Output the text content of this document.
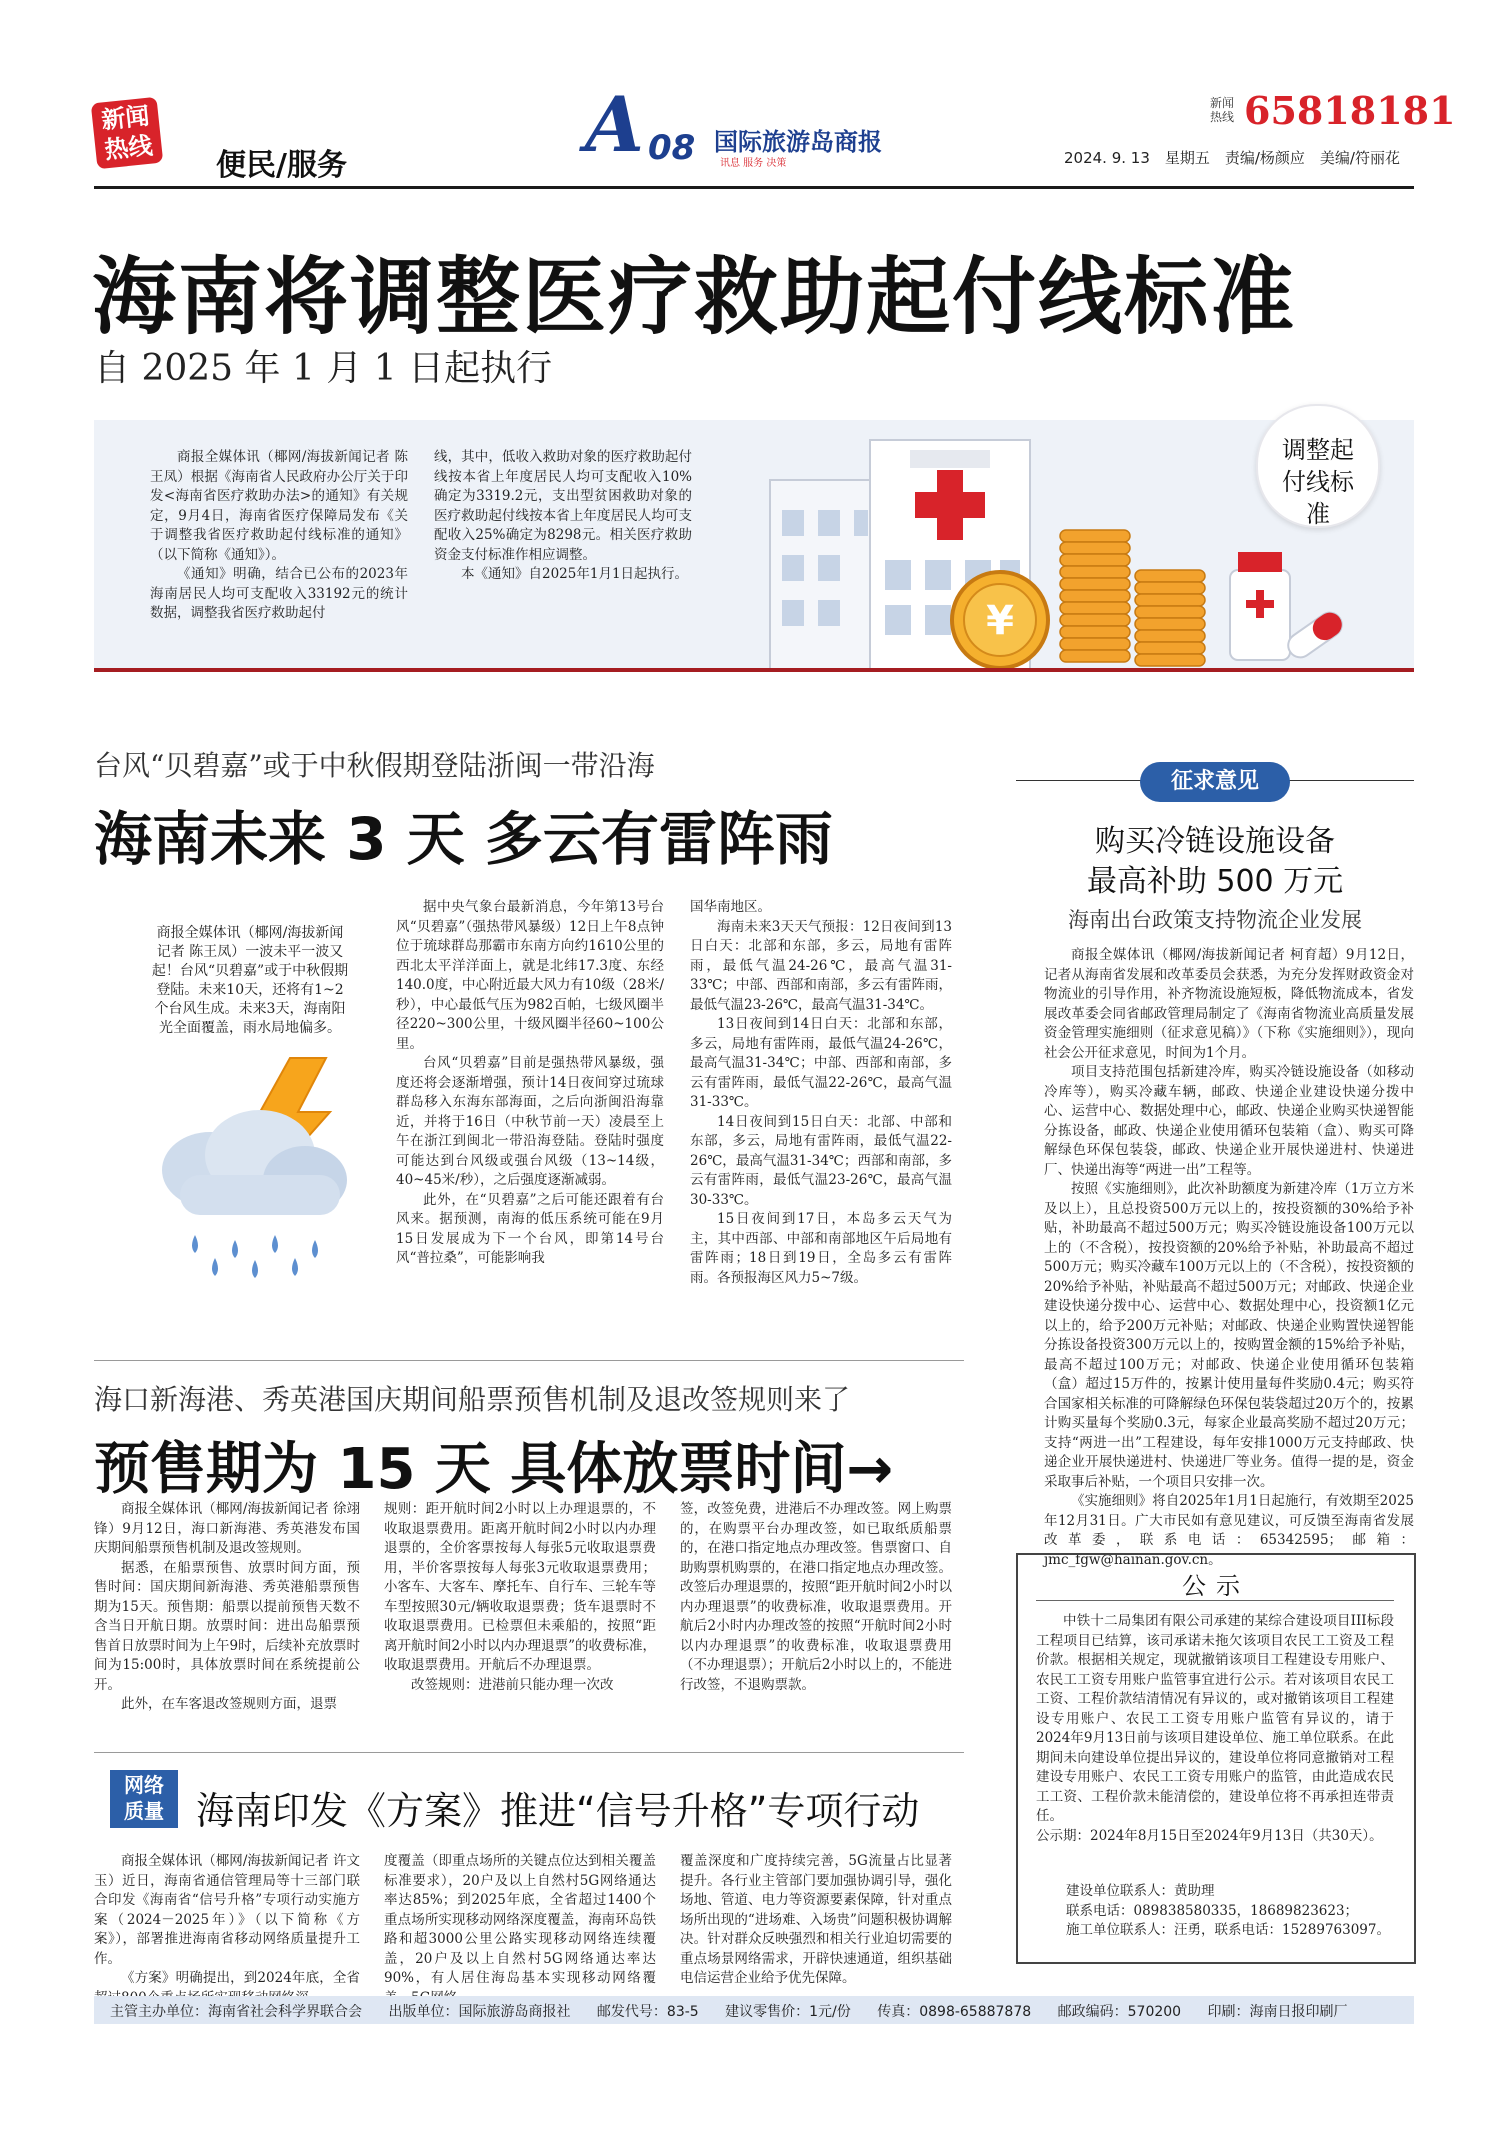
新闻
热线
便民/服务	A 08 国际旅游岛商报
讯息 服务 决策
新闻热线 65818181
2024. 9. 13　星期五　责编/杨颜应　美编/符丽花
海南将调整医疗救助起付线标准
自 2025 年 1 月 1 日起执行
¥
调整起付线标准

商报全媒体讯（椰网/海拔新闻记者 陈王凤）根据《海南省人民政府办公厅关于印发<海南省医疗救助办法>的通知》有关规定，9月4日，海南省医疗保障局发布《关于调整我省医疗救助起付线标准的通知》（以下简称《通知》）。

《通知》明确，结合已公布的2023年海南居民人均可支配收入33192元的统计数据，调整我省医疗救助起付

线，其中，低收入救助对象的医疗救助起付线按本省上年度居民人均可支配收入10%确定为3319.2元，支出型贫困救助对象的医疗救助起付线按本省上年度居民人均可支配收入25%确定为8298元。相关医疗救助资金支付标准作相应调整。

本《通知》自2025年1月1日起执行。

台风“贝碧嘉”或于中秋假期登陆浙闽一带沿海
海南未来 3 天 多云有雷阵雨
商报全媒体讯（椰网/海拔新闻记者 陈王凤）一波未平一波又起！台风“贝碧嘉”或于中秋假期登陆。未来10天，还将有1~2个台风生成。未来3天，海南阳光全面覆盖，雨水局地偏多。

据中央气象台最新消息，今年第13号台风“贝碧嘉”（强热带风暴级）12日上午8点钟位于琉球群岛那霸市东南方向约1610公里的西北太平洋洋面上，就是北纬17.3度、东经140.0度，中心附近最大风力有10级（28米/秒），中心最低气压为982百帕，七级风圈半径220~300公里，十级风圈半径60~100公里。

台风“贝碧嘉”目前是强热带风暴级，强度还将会逐渐增强，预计14日夜间穿过琉球群岛移入东海东部海面，之后向浙闽沿海靠近，并将于16日（中秋节前一天）凌晨至上午在浙江到闽北一带沿海登陆。登陆时强度可能达到台风级或强台风级（13~14级，40~45米/秒），之后强度逐渐减弱。

此外，在“贝碧嘉”之后可能还跟着有台风来。据预测，南海的低压系统可能在9月15日发展成为下一个台风，即第14号台风“普拉桑”，可能影响我

国华南地区。

海南未来3天天气预报：12日夜间到13日白天：北部和东部，多云，局地有雷阵雨，最低气温24-26℃，最高气温31-33℃；中部、西部和南部，多云有雷阵雨，最低气温23-26℃，最高气温31-34℃。

13日夜间到14日白天：北部和东部，多云，局地有雷阵雨，最低气温24-26℃，最高气温31-34℃；中部、西部和南部，多云有雷阵雨，最低气温22-26℃，最高气温31-33℃。

14日夜间到15日白天：北部、中部和东部，多云，局地有雷阵雨，最低气温22-26℃，最高气温31-34℃；西部和南部，多云有雷阵雨，最低气温23-26℃，最高气温30-33℃。

15日夜间到17日，本岛多云天气为主，其中西部、中部和南部地区午后局地有雷阵雨；18日到19日，全岛多云有雷阵雨。各预报海区风力5~7级。

海口新海港、秀英港国庆期间船票预售机制及退改签规则来了
预售期为 15 天 具体放票时间→

商报全媒体讯（椰网/海拔新闻记者 徐翊锋）9月12日，海口新海港、秀英港发布国庆期间船票预售机制及退改签规则。

据悉，在船票预售、放票时间方面，预售时间：国庆期间新海港、秀英港船票预售期为15天。预售期：船票以提前预售天数不含当日开航日期。放票时间：进出岛船票预售首日放票时间为上午9时，后续补充放票时间为15:00时，具体放票时间在系统提前公开。

此外，在车客退改签规则方面，退票

规则：距开航时间2小时以上办理退票的，不收取退票费用。距离开航时间2小时以内办理退票的，全价客票按每人每张5元收取退票费用，半价客票按每人每张3元收取退票费用；小客车、大客车、摩托车、自行车、三轮车等车型按照30元/辆收取退票费；货车退票时不收取退票费用。已检票但未乘船的，按照“距离开航时间2小时以内办理退票”的收费标准，收取退票费用。开航后不办理退票。

改签规则：进港前只能办理一次改

签，改签免费，进港后不办理改签。网上购票的，在购票平台办理改签，如已取纸质船票的，在港口指定地点办理改签。售票窗口、自助购票机购票的，在港口指定地点办理改签。改签后办理退票的，按照“距开航时间2小时以内办理退票”的收费标准，收取退票费用。开航后2小时内办理改签的按照“开航时间2小时以内办理退票”的收费标准，收取退票费用（不办理退票）；开航后2小时以上的，不能进行改签，不退购票款。

网络
质量 海南印发《方案》推进“信号升格”专项行动

商报全媒体讯（椰网/海拔新闻记者 许文玉）近日，海南省通信管理局等十三部门联合印发《海南省“信号升格”专项行动实施方案（2024－2025年）》（以下简称《方案》），部署推进海南省移动网络质量提升工作。

《方案》明确提出，到2024年底，全省

度覆盖（即重点场所的关键点位达到相关覆盖标准要求），20户及以上自然村5G网络通达率达85%；到2025年底，全省超过1400个重点场所实现移动网络深度覆盖，海南环岛铁路和超3000公里公路实现移动网络连续覆盖，20户及以上自然村5G网络通达率达90%，有人居住海岛基本实现移动网络覆

覆盖深度和广度持续完善，5G流量占比显著提升。各行业主管部门要加强协调引导，强化场地、管道、电力等资源要素保障，针对重点场所出现的“进场难、入场贵”问题积极协调解决。针对群众反映强烈和相关行业迫切需要的重点场景网络需求，开辟快速通道，组织基础电信运营企业给予优先保障。

征求意见
购买冷链设施设备
最高补助 500 万元
海南出台政策支持物流企业发展

商报全媒体讯（椰网/海拔新闻记者 柯育超）9月12日，记者从海南省发展和改革委员会获悉，为充分发挥财政资金对物流业的引导作用，补齐物流设施短板，降低物流成本，省发展改革委会同省邮政管理局制定了《海南省物流业高质量发展资金管理实施细则（征求意见稿）》（下称《实施细则》），现向社会公开征求意见，时间为1个月。

项目支持范围包括新建冷库，购买冷链设施设备（如移动冷库等），购买冷藏车辆，邮政、快递企业建设快递分拨中心、运营中心、数据处理中心，邮政、快递企业购买快递智能分拣设备，邮政、快递企业使用循环包装箱（盒）、购买可降解绿色环保包装袋，邮政、快递企业开展快递进村、快递进厂、快递出海等“两进一出”工程等。

按照《实施细则》，此次补助额度为新建冷库（1万立方米及以上），且总投资500万元以上的，按投资额的30%给予补贴，补助最高不超过500万元；购买冷链设施设备100万元以上的（不含税），按投资额的20%给予补贴，补助最高不超过500万元；购买冷藏车100万元以上的（不含税），按投资额的20%给予补贴，补贴最高不超过500万元；对邮政、快递企业建设快递分拨中心、运营中心、数据处理中心，投资额1亿元以上的，给予200万元补贴；对邮政、快递企业购置快递智能分拣设备投资300万元以上的，按购置金额的15%给予补贴，最高不超过100万元；对邮政、快递企业使用循环包装箱（盒）超过15万件的，按累计使用量每件奖励0.4元；购买符合国家相关标准的可降解绿色环保包装袋超过20万个的，按累计购买量每个奖励0.3元，每家企业最高奖励不超过20万元；支持“两进一出”工程建设，每年安排1000万元支持邮政、快递企业开展快递进村、快递进厂等业务。值得一提的是，资金采取事后补贴，一个项目只安排一次。

《实施细则》将自2025年1月1日起施行，有效期至2025年12月31日。广大市民如有意见建议，可反馈至海南省发展改革委，联系电话：65342595；邮箱：jmc_fgw@hainan.gov.cn。

公示

中铁十二局集团有限公司承建的某综合建设项目III标段工程项目已结算，该司承诺未拖欠该项目农民工工资及工程价款。根据相关规定，现就撤销该项目工程建设专用账户、农民工工资专用账户监管事宜进行公示。若对该项目农民工工资、工程价款结清情况有异议的，或对撤销该项目工程建设专用账户、农民工工资专用账户监管有异议的，请于2024年9月13日前与该项目建设单位、施工单位联系。在此期间未向建设单位提出异议的，建设单位将同意撤销对工程建设专用账户、农民工工资专用账户的监管，由此造成农民工工资、工程价款未能清偿的，建设单位将不再承担连带责任。

公示期：2024年8月15日至2024年9月13日（共30天）。

建设单位联系人：黄助理
联系电话：089838580335，18689823623；
施工单位联系人：汪勇，联系电话：15289763097。
主管主办单位：海南省社会科学界联合会 出版单位：国际旅游岛商报社 邮发代号：83-5 建议零售价：1元/份 传真：0898-65887878 邮政编码：570200 印刷：海南日报印刷厂
